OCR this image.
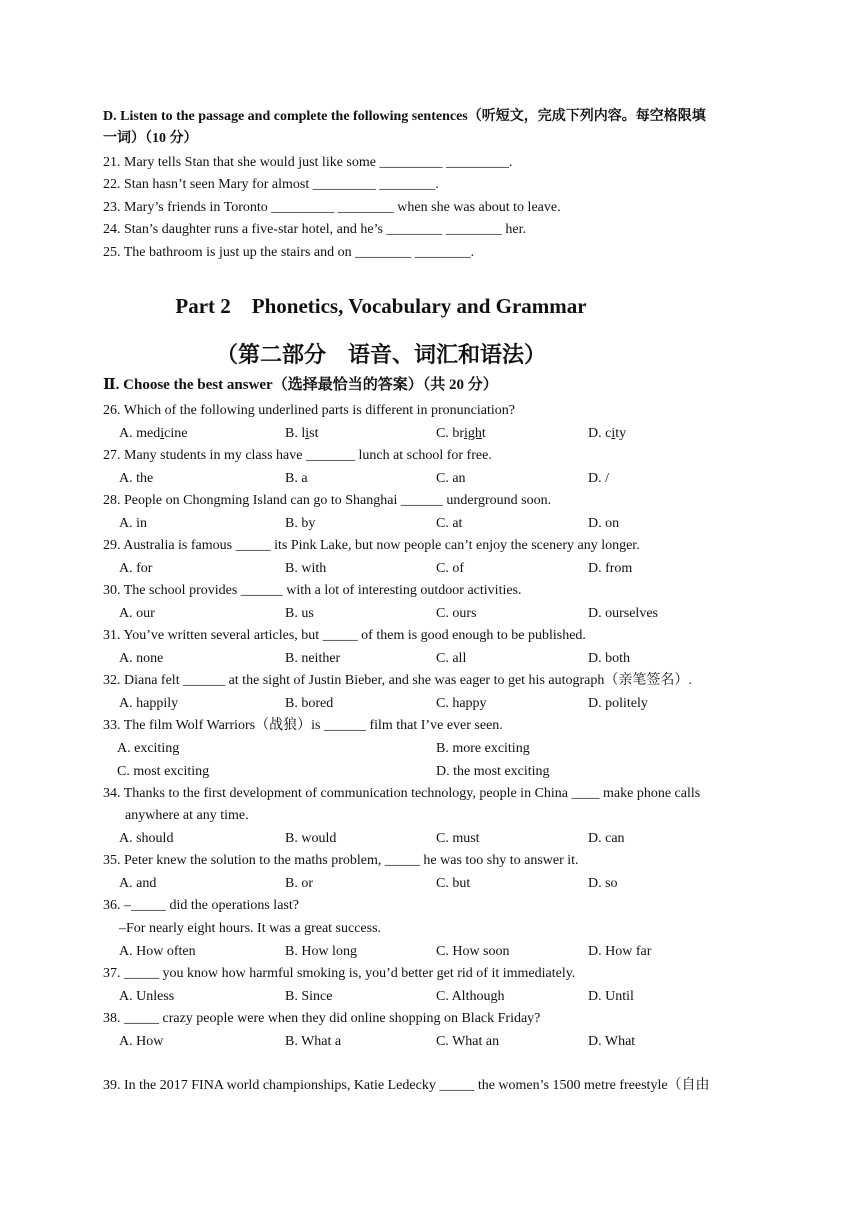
D. Listen to the passage and complete the following sentences（听短文，完成下列内容。每空格限填
一词）（10 分）
21. Mary tells Stan that she would just like some _________ _________.
22. Stan hasn’t seen Mary for almost _________ ________.
23. Mary’s friends in Toronto _________ ________ when she was about to leave.
24. Stan’s daughter runs a five-star hotel, and he’s ________ ________ her.
25. The bathroom is just up the stairs and on ________ ________.
Part 2    Phonetics, Vocabulary and Grammar
（第二部分    语音、词汇和语法）
Ⅱ. Choose the best answer（选择最恰当的答案）（共 20 分）
26. Which of the following underlined parts is different in pronunciation?
A. medicine	B. list	C. bright	D. city
27. Many students in my class have _______ lunch at school for free.
A. the	B. a	C. an	D. /
28. People on Chongming Island can go to Shanghai ______ underground soon.
A. in	B. by	C. at	D. on
29. Australia is famous _____ its Pink Lake, but now people can’t enjoy the scenery any longer.
A. for	B. with	C. of	D. from
30. The school provides ______ with a lot of interesting outdoor activities.
A. our	B. us	C. ours	D. ourselves
31. You’ve written several articles, but _____ of them is good enough to be published.
A. none	B. neither	C. all	D. both
32. Diana felt ______ at the sight of Justin Bieber, and she was eager to get his autograph（亲笔签名）.
A. happily	B. bored	C. happy	D. politely
33. The film Wolf Warriors（战狼）is ______ film that I’ve ever seen.
A. exciting	B. more exciting
C. most exciting	D. the most exciting
34. Thanks to the first development of communication technology, people in China ____ make phone calls
anywhere at any time.
A. should	B. would	C. must	D. can
35. Peter knew the solution to the maths problem, _____ he was too shy to answer it.
A. and	B. or	C. but	D. so
36. –_____ did the operations last?
–For nearly eight hours. It was a great success.
A. How often	B. How long	C. How soon	D. How far
37. _____ you know how harmful smoking is, you’d better get rid of it immediately.
A. Unless	B. Since	C. Although	D. Until
38. _____ crazy people were when they did online shopping on Black Friday?
A. How	B. What a	C. What an	D. What
39. In the 2017 FINA world championships, Katie Ledecky _____ the women’s 1500 metre freestyle（自由
